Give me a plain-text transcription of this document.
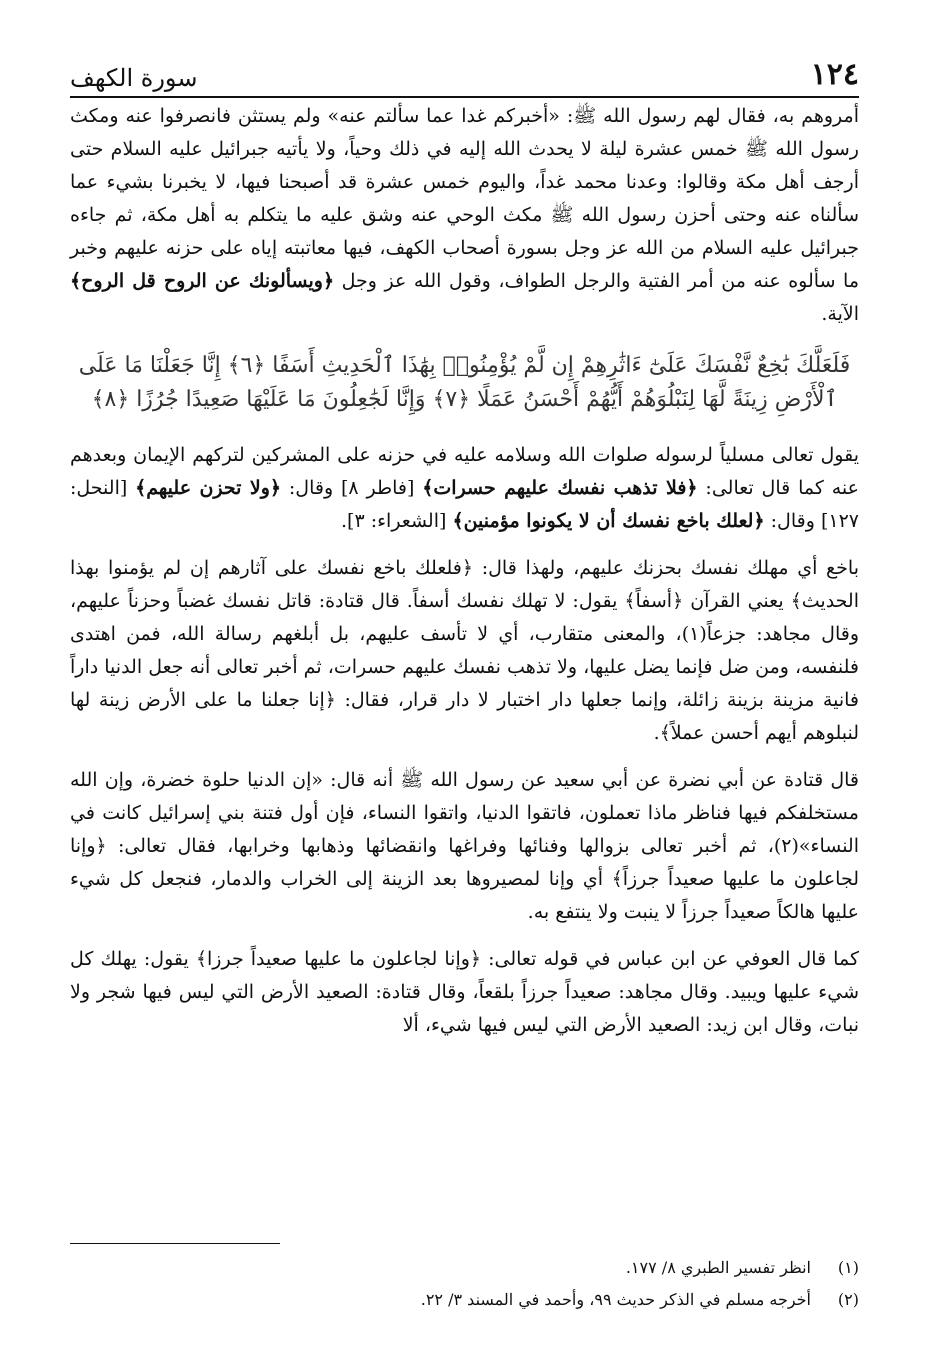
١٢٤
سورة الكهف

أمروهم به، فقال لهم رسول الله ﷺ: «أخبركم غدا عما سألتم عنه» ولم يستثن فانصرفوا عنه ومكث رسول الله ﷺ خمس عشرة ليلة لا يحدث الله إليه في ذلك وحياً، ولا يأتيه جبرائيل عليه السلام حتى أرجف أهل مكة وقالوا: وعدنا محمد غداً، واليوم خمس عشرة قد أصبحنا فيها، لا يخبرنا بشيء عما سألناه عنه وحتى أحزن رسول الله ﷺ مكث الوحي عنه وشق عليه ما يتكلم به أهل مكة، ثم جاءه جبرائيل عليه السلام من الله عز وجل بسورة أصحاب الكهف، فيها معاتبته إياه على حزنه عليهم وخبر ما سألوه عنه من أمر الفتية والرجل الطواف، وقول الله عز وجل ﴿ويسألونك عن الروح قل الروح﴾ الآية.

فَلَعَلَّكَ بَٰخِعٌ نَّفْسَكَ عَلَىٰٓ ءَاثَٰرِهِمْ إِن لَّمْ يُؤْمِنُوا۟ بِهَٰذَا ٱلْحَدِيثِ أَسَفًا ﴿٦﴾ إِنَّا جَعَلْنَا مَا عَلَى ٱلْأَرْضِ زِينَةً لَّهَا لِنَبْلُوَهُمْ أَيُّهُمْ أَحْسَنُ عَمَلًا ﴿٧﴾ وَإِنَّا لَجَٰعِلُونَ مَا عَلَيْهَا صَعِيدًا جُرُزًا ﴿٨﴾

يقول تعالى مسلياً لرسوله صلوات الله وسلامه عليه في حزنه على المشركين لتركهم الإيمان وبعدهم عنه كما قال تعالى: ﴿فلا تذهب نفسك عليهم حسرات﴾ [فاطر ٨] وقال: ﴿ولا تحزن عليهم﴾ [النحل: ١٢٧] وقال: ﴿لعلك باخع نفسك أن لا يكونوا مؤمنين﴾ [الشعراء: ٣].

باخع أي مهلك نفسك بحزنك عليهم، ولهذا قال: ﴿فلعلك باخع نفسك على آثارهم إن لم يؤمنوا بهذا الحديث﴾ يعني القرآن ﴿أسفاً﴾ يقول: لا تهلك نفسك أسفاً. قال قتادة: قاتل نفسك غضباً وحزناً عليهم، وقال مجاهد: جزعاً(١)، والمعنى متقارب، أي لا تأسف عليهم، بل أبلغهم رسالة الله، فمن اهتدى فلنفسه، ومن ضل فإنما يضل عليها، ولا تذهب نفسك عليهم حسرات، ثم أخبر تعالى أنه جعل الدنيا داراً فانية مزينة بزينة زائلة، وإنما جعلها دار اختبار لا دار قرار، فقال: ﴿إنا جعلنا ما على الأرض زينة لها لنبلوهم أيهم أحسن عملاً﴾.

قال قتادة عن أبي نضرة عن أبي سعيد عن رسول الله ﷺ أنه قال: «إن الدنيا حلوة خضرة، وإن الله مستخلفكم فيها فناظر ماذا تعملون، فاتقوا الدنيا، واتقوا النساء، فإن أول فتنة بني إسرائيل كانت في النساء»(٢)، ثم أخبر تعالى بزوالها وفنائها وفراغها وانقضائها وذهابها وخرابها، فقال تعالى: ﴿وإنا لجاعلون ما عليها صعيداً جرزاً﴾ أي وإنا لمصيروها بعد الزينة إلى الخراب والدمار، فنجعل كل شيء عليها هالكاً صعيداً جرزاً لا ينبت ولا ينتفع به.

كما قال العوفي عن ابن عباس في قوله تعالى: ﴿وإنا لجاعلون ما عليها صعيداً جرزا﴾ يقول: يهلك كل شيء عليها ويبيد. وقال مجاهد: صعيداً جرزاً بلقعاً، وقال قتادة: الصعيد الأرض التي ليس فيها شجر ولا نبات، وقال ابن زيد: الصعيد الأرض التي ليس فيها شيء، ألا

(١)
انظر تفسير الطبري ٨/ ١٧٧.
(٢)
أخرجه مسلم في الذكر حديث ٩٩، وأحمد في المسند ٣/ ٢٢.
